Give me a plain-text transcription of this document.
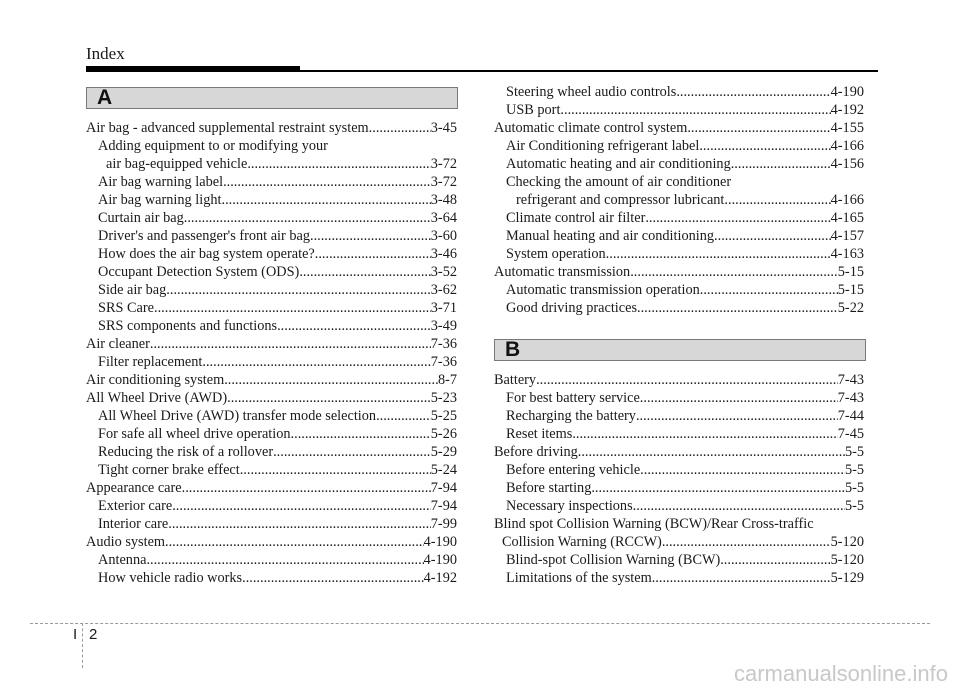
Index
A
B
Air bag - advanced supplemental restraint system .....	3-45
Adding equipment to or modifying your
air bag-equipped vehicle .....	3-72
Air bag warning label .....	3-72
Air bag warning light .....	3-48
Curtain air bag .....	3-64
Driver's and passenger's front air bag .....	3-60
How does the air bag system operate? .....	3-46
Occupant Detection System (ODS) .....	3-52
Side air bag .....	3-62
SRS Care .....	3-71
SRS components and functions .....	3-49
Air cleaner .....	7-36
Filter replacement .....	7-36
Air conditioning system .....	8-7
All Wheel Drive (AWD) .....	5-23
All Wheel Drive (AWD) transfer mode selection .....	5-25
For safe all wheel drive operation .....	5-26
Reducing the risk of a rollover .....	5-29
Tight corner brake effect .....	5-24
Appearance care .....	7-94
Exterior care .....	7-94
Interior care .....	7-99
Audio system .....	4-190
Antenna .....	4-190
How vehicle radio works .....	4-192
Steering wheel audio controls .....	4-190
USB port .....	4-192
Automatic climate control system .....	4-155
Air Conditioning refrigerant label .....	4-166
Automatic heating and air conditioning .....	4-156
Checking the amount of air conditioner
refrigerant and compressor lubricant .....	4-166
Climate control air filter .....	4-165
Manual heating and air conditioning .....	4-157
System operation .....	4-163
Automatic transmission .....	5-15
Automatic transmission operation .....	5-15
Good driving practices .....	5-22
Battery .....	7-43
For best battery service .....	7-43
Recharging the battery .....	7-44
Reset items .....	7-45
Before driving .....	5-5
Before entering vehicle .....	5-5
Before starting .....	5-5
Necessary inspections .....	5-5
Blind spot Collision Warning (BCW)/Rear Cross-traffic
Collision Warning (RCCW) .....	5-120
Blind-spot Collision Warning (BCW) .....	5-120
Limitations of the system .....	5-129
I 2
carmanualsonline.info
